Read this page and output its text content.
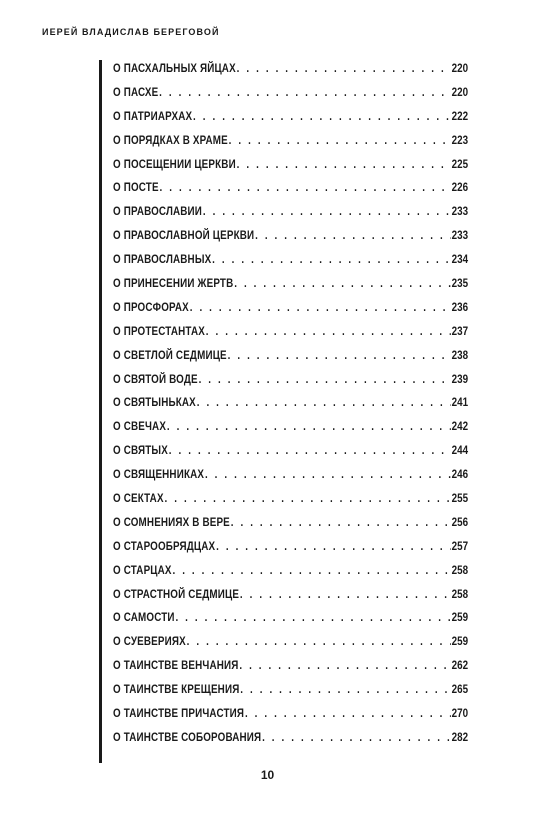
ИЕРЕЙ ВЛАДИСЛАВ БЕРЕГОВОЙ
О ПАСХАЛЬНЫХ ЯЙЦАХ . . .	220
О ПАСХЕ . . .	220
О ПАТРИАРХАХ . . .	222
О ПОРЯДКАХ В ХРАМЕ . . .	223
О ПОСЕЩЕНИИ ЦЕРКВИ . . .	225
О ПОСТЕ . . .	226
О ПРАВОСЛАВИИ . . .	233
О ПРАВОСЛАВНОЙ ЦЕРКВИ . . .	233
О ПРАВОСЛАВНЫХ . . .	234
О ПРИНЕСЕНИИ ЖЕРТВ . . .	235
О ПРОСФОРАХ . . .	236
О ПРОТЕСТАНТАХ . . .	237
О СВЕТЛОЙ СЕДМИЦЕ . . .	238
О СВЯТОЙ ВОДЕ . . .	239
О СВЯТЫНЬКАХ . . .	241
О СВЕЧАХ . . .	242
О СВЯТЫХ . . .	244
О СВЯЩЕННИКАХ . . .	246
О СЕКТАХ . . .	255
О СОМНЕНИЯХ В ВЕРЕ . . .	256
О СТАРООБРЯДЦАХ . . .	257
О СТАРЦАХ . . .	258
О СТРАСТНОЙ СЕДМИЦЕ . . .	258
О САМОСТИ . . .	259
О СУЕВЕРИЯХ . . .	259
О ТАИНСТВЕ ВЕНЧАНИЯ . . .	262
О ТАИНСТВЕ КРЕЩЕНИЯ . . .	265
О ТАИНСТВЕ ПРИЧАСТИЯ . . .	270
О ТАИНСТВЕ СОБОРОВАНИЯ . . .	282
10
